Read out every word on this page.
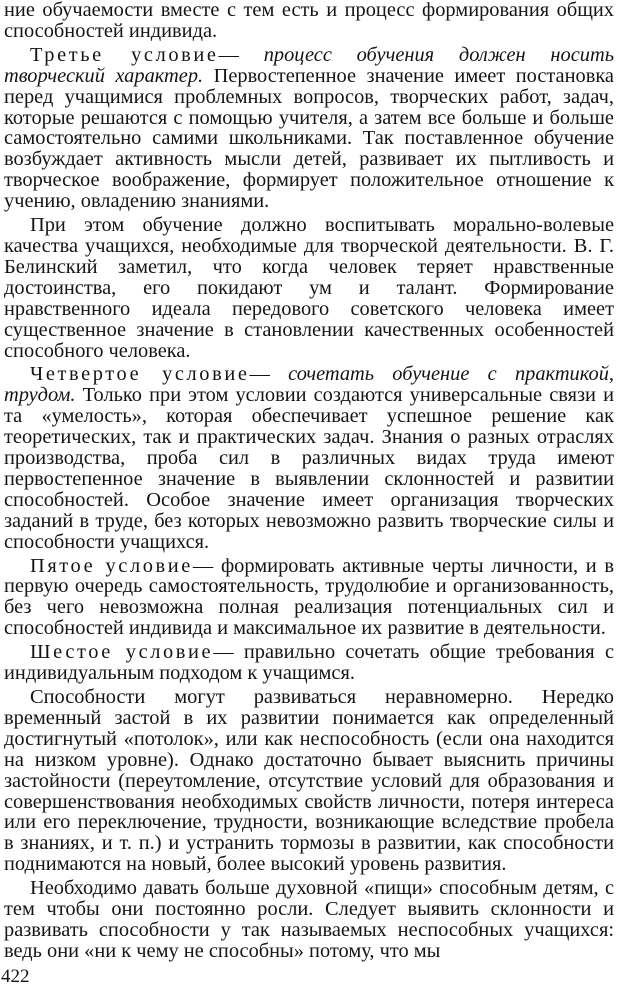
ние обучаемости вместе с тем есть и процесс формирования общих способностей индивида.

Третье условие— процесс обучения должен носить творческий характер. Первостепенное значение имеет постановка перед учащимися проблемных вопросов, творческих работ, задач, которые решаются с помощью учителя, а затем все больше и больше самостоятельно самими школьниками. Так поставленное обучение возбуждает активность мысли детей, развивает их пытливость и творческое воображение, формирует положительное отношение к учению, овладению знаниями.

При этом обучение должно воспитывать морально-волевые качества учащихся, необходимые для творческой деятельности. В. Г. Белинский заметил, что когда человек теряет нравственные достоинства, его покидают ум и талант. Формирование нравственного идеала передового советского человека имеет существенное значение в становлении качественных особенностей способного человека.

Четвертое условие— сочетать обучение с практикой, трудом. Только при этом условии создаются универсальные связи и та «умелость», которая обеспечивает успешное решение как теоретических, так и практических задач. Знания о разных отраслях производства, проба сил в различных видах труда имеют первостепенное значение в выявлении склонностей и развитии способностей. Особое значение имеет организация творческих заданий в труде, без которых невозможно развить творческие силы и способности учащихся.

Пятое условие— формировать активные черты личности, и в первую очередь самостоятельность, трудолюбие и организованность, без чего невозможна полная реализация потенциальных сил и способностей индивида и максимальное их развитие в деятельности.

Шестое условие— правильно сочетать общие требования с индивидуальным подходом к учащимся.

Способности могут развиваться неравномерно. Нередко временный застой в их развитии понимается как определенный достигнутый «потолок», или как неспособность (если она находится на низком уровне). Однако достаточно бывает выяснить причины застойности (переутомление, отсутствие условий для образования и совершенствования необходимых свойств личности, потеря интереса или его переключение, трудности, возникающие вследствие пробела в знаниях, и т. п.) и устранить тормозы в развитии, как способности поднимаются на новый, более высокий уровень развития.

Необходимо давать больше духовной «пищи» способным детям, с тем чтобы они постоянно росли. Следует выявить склонности и развивать способности у так называемых неспособных учащихся: ведь они «ни к чему не способны» потому, что мы

422
